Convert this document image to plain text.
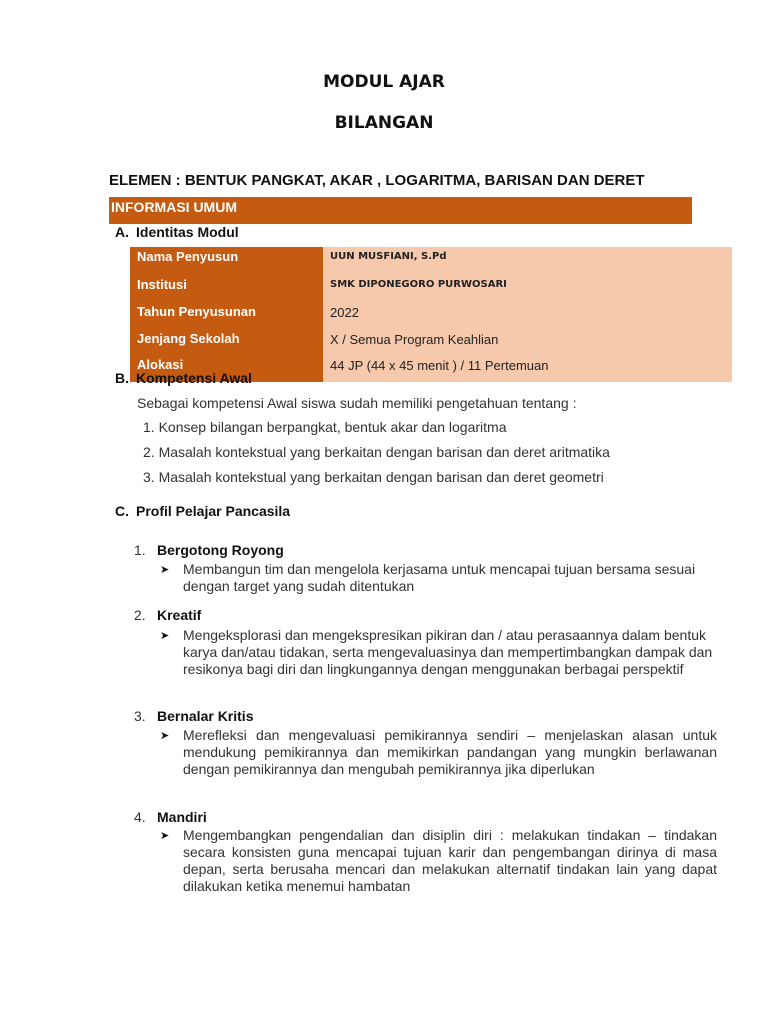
MODUL AJAR
BILANGAN
ELEMEN : BENTUK PANGKAT, AKAR , LOGARITMA, BARISAN DAN DERET
INFORMASI UMUM
A. Identitas Modul
Nama Penyusun	UUN MUSFIANI, S.Pd
Institusi	SMK DIPONEGORO PURWOSARI
Tahun Penyusunan	2022
Jenjang Sekolah	X / Semua Program Keahlian
Alokasi	44 JP (44 x 45 menit ) / 11 Pertemuan
B. Kompetensi Awal
Sebagai kompetensi Awal siswa sudah memiliki pengetahuan tentang :
1. Konsep bilangan berpangkat, bentuk akar dan logaritma
2. Masalah kontekstual yang berkaitan dengan barisan dan deret aritmatika
3. Masalah kontekstual yang berkaitan dengan barisan dan deret geometri
C. Profil Pelajar Pancasila
1. Bergotong Royong
➤ Membangun tim dan mengelola kerjasama untuk mencapai tujuan bersama sesuai dengan target yang sudah ditentukan
2. Kreatif
➤ Mengeksplorasi dan mengekspresikan pikiran dan / atau perasaannya dalam bentuk karya dan/atau tidakan, serta mengevaluasinya dan mempertimbangkan dampak dan resikonya bagi diri dan lingkungannya dengan menggunakan berbagai perspektif
3. Bernalar Kritis
➤ Merefleksi dan mengevaluasi pemikirannya sendiri – menjelaskan alasan untuk mendukung pemikirannya dan memikirkan pandangan yang mungkin berlawanan dengan pemikirannya dan mengubah pemikirannya jika diperlukan
4. Mandiri
➤ Mengembangkan pengendalian dan disiplin diri : melakukan tindakan – tindakan secara konsisten guna mencapai tujuan karir dan pengembangan dirinya di masa depan, serta berusaha mencari dan melakukan alternatif tindakan lain yang dapat dilakukan ketika menemui hambatan
